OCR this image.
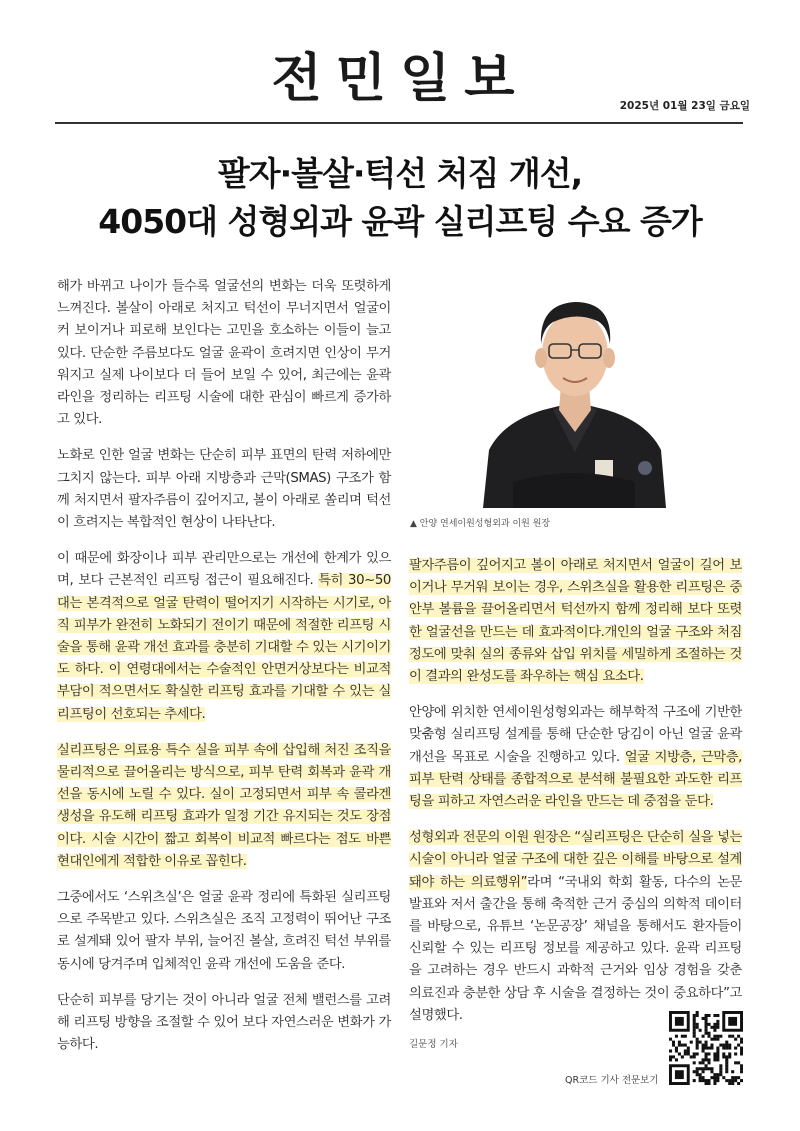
전민일보	2025년 01월 23일 금요일
팔자·볼살·턱선 처짐 개선,
4050대 성형외과 윤곽 실리프팅 수요 증가

해가 바뀌고 나이가 들수록 얼굴선의 변화는 더욱 또렷하게 느껴진다. 볼살이 아래로 처지고 턱선이 무너지면서 얼굴이 커 보이거나 피로해 보인다는 고민을 호소하는 이들이 늘고 있다. 단순한 주름보다도 얼굴 윤곽이 흐려지면 인상이 무거워지고 실제 나이보다 더 들어 보일 수 있어, 최근에는 윤곽 라인을 정리하는 리프팅 시술에 대한 관심이 빠르게 증가하고 있다.

노화로 인한 얼굴 변화는 단순히 피부 표면의 탄력 저하에만 그치지 않는다. 피부 아래 지방층과 근막(SMAS) 구조가 함께 처지면서 팔자주름이 깊어지고, 볼이 아래로 쏠리며 턱선이 흐려지는 복합적인 현상이 나타난다.

이 때문에 화장이나 피부 관리만으로는 개선에 한계가 있으며, 보다 근본적인 리프팅 접근이 필요해진다. 특히 30~50대는 본격적으로 얼굴 탄력이 떨어지기 시작하는 시기로, 아직 피부가 완전히 노화되기 전이기 때문에 적절한 리프팅 시술을 통해 윤곽 개선 효과를 충분히 기대할 수 있는 시기이기도 하다. 이 연령대에서는 수술적인 안면거상보다는 비교적 부담이 적으면서도 확실한 리프팅 효과를 기대할 수 있는 실리프팅이 선호되는 추세다.

실리프팅은 의료용 특수 실을 피부 속에 삽입해 처진 조직을 물리적으로 끌어올리는 방식으로, 피부 탄력 회복과 윤곽 개선을 동시에 노릴 수 있다. 실이 고정되면서 피부 속 콜라겐 생성을 유도해 리프팅 효과가 일정 기간 유지되는 것도 장점이다. 시술 시간이 짧고 회복이 비교적 빠르다는 점도 바쁜 현대인에게 적합한 이유로 꼽힌다.

그중에서도 ‘스위츠실’은 얼굴 윤곽 정리에 특화된 실리프팅으로 주목받고 있다. 스위츠실은 조직 고정력이 뛰어난 구조로 설계돼 있어 팔자 부위, 늘어진 볼살, 흐려진 턱선 부위를 동시에 당겨주며 입체적인 윤곽 개선에 도움을 준다.

단순히 피부를 당기는 것이 아니라 얼굴 전체 밸런스를 고려해 리프팅 방향을 조절할 수 있어 보다 자연스러운 변화가 가능하다.

▲ 안양 연세이원성형외과 이원 원장

팔자주름이 깊어지고 볼이 아래로 처지면서 얼굴이 길어 보이거나 무거워 보이는 경우, 스위츠실을 활용한 리프팅은 중안부 볼륨을 끌어올리면서 턱선까지 함께 정리해 보다 또렷한 얼굴선을 만드는 데 효과적이다.개인의 얼굴 구조와 처짐 정도에 맞춰 실의 종류와 삽입 위치를 세밀하게 조절하는 것이 결과의 완성도를 좌우하는 핵심 요소다.

안양에 위치한 연세이원성형외과는 해부학적 구조에 기반한 맞춤형 실리프팅 설계를 통해 단순한 당김이 아닌 얼굴 윤곽 개선을 목표로 시술을 진행하고 있다. 얼굴 지방층, 근막층, 피부 탄력 상태를 종합적으로 분석해 불필요한 과도한 리프팅을 피하고 자연스러운 라인을 만드는 데 중점을 둔다.

성형외과 전문의 이원 원장은 “실리프팅은 단순히 실을 넣는 시술이 아니라 얼굴 구조에 대한 깊은 이해를 바탕으로 설계돼야 하는 의료행위”라며 “국내외 학회 활동, 다수의 논문 발표와 저서 출간을 통해 축적한 근거 중심의 의학적 데이터를 바탕으로, 유튜브 ‘논문공장’ 채널을 통해서도 환자들이 신뢰할 수 있는 리프팅 정보를 제공하고 있다. 윤곽 리프팅을 고려하는 경우 반드시 과학적 근거와 임상 경험을 갖춘 의료진과 충분한 상담 후 시술을 결정하는 것이 중요하다”고 설명했다.

길문정 기자
QR코드 기사 전문보기
